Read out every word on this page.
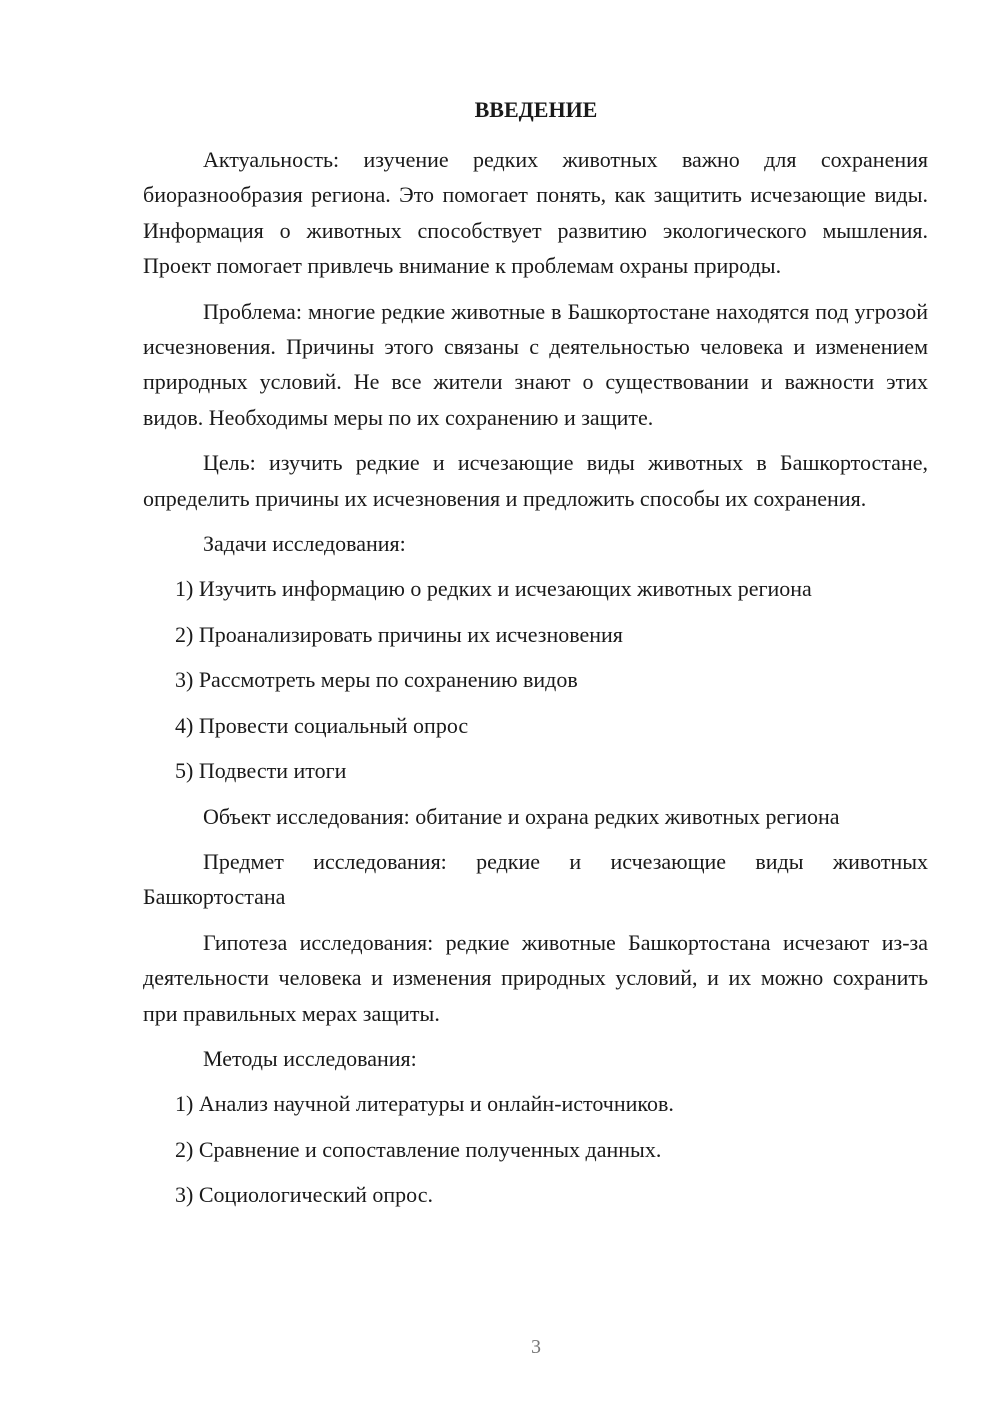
ВВЕДЕНИЕ

Актуальность: изучение редких животных важно для сохранения биоразнообразия региона. Это помогает понять, как защитить исчезающие виды. Информация о животных способствует развитию экологического мышления. Проект помогает привлечь внимание к проблемам охраны природы.

Проблема: многие редкие животные в Башкортостане находятся под угрозой исчезновения. Причины этого связаны с деятельностью человека и изменением природных условий. Не все жители знают о существовании и важности этих видов. Необходимы меры по их сохранению и защите.

Цель: изучить редкие и исчезающие виды животных в Башкортостане, определить причины их исчезновения и предложить способы их сохранения.

Задачи исследования:

1) Изучить информацию о редких и исчезающих животных региона

2) Проанализировать причины их исчезновения

3) Рассмотреть меры по сохранению видов

4) Провести социальный опрос

5) Подвести итоги

Объект исследования: обитание и охрана редких животных региона

Предмет исследования: редкие и исчезающие виды животных Башкортостана

Гипотеза исследования: редкие животные Башкортостана исчезают из-за деятельности человека и изменения природных условий, и их можно сохранить при правильных мерах защиты.

Методы исследования:

1) Анализ научной литературы и онлайн-источников.

2) Сравнение и сопоставление полученных данных.

3) Социологический опрос.

3
